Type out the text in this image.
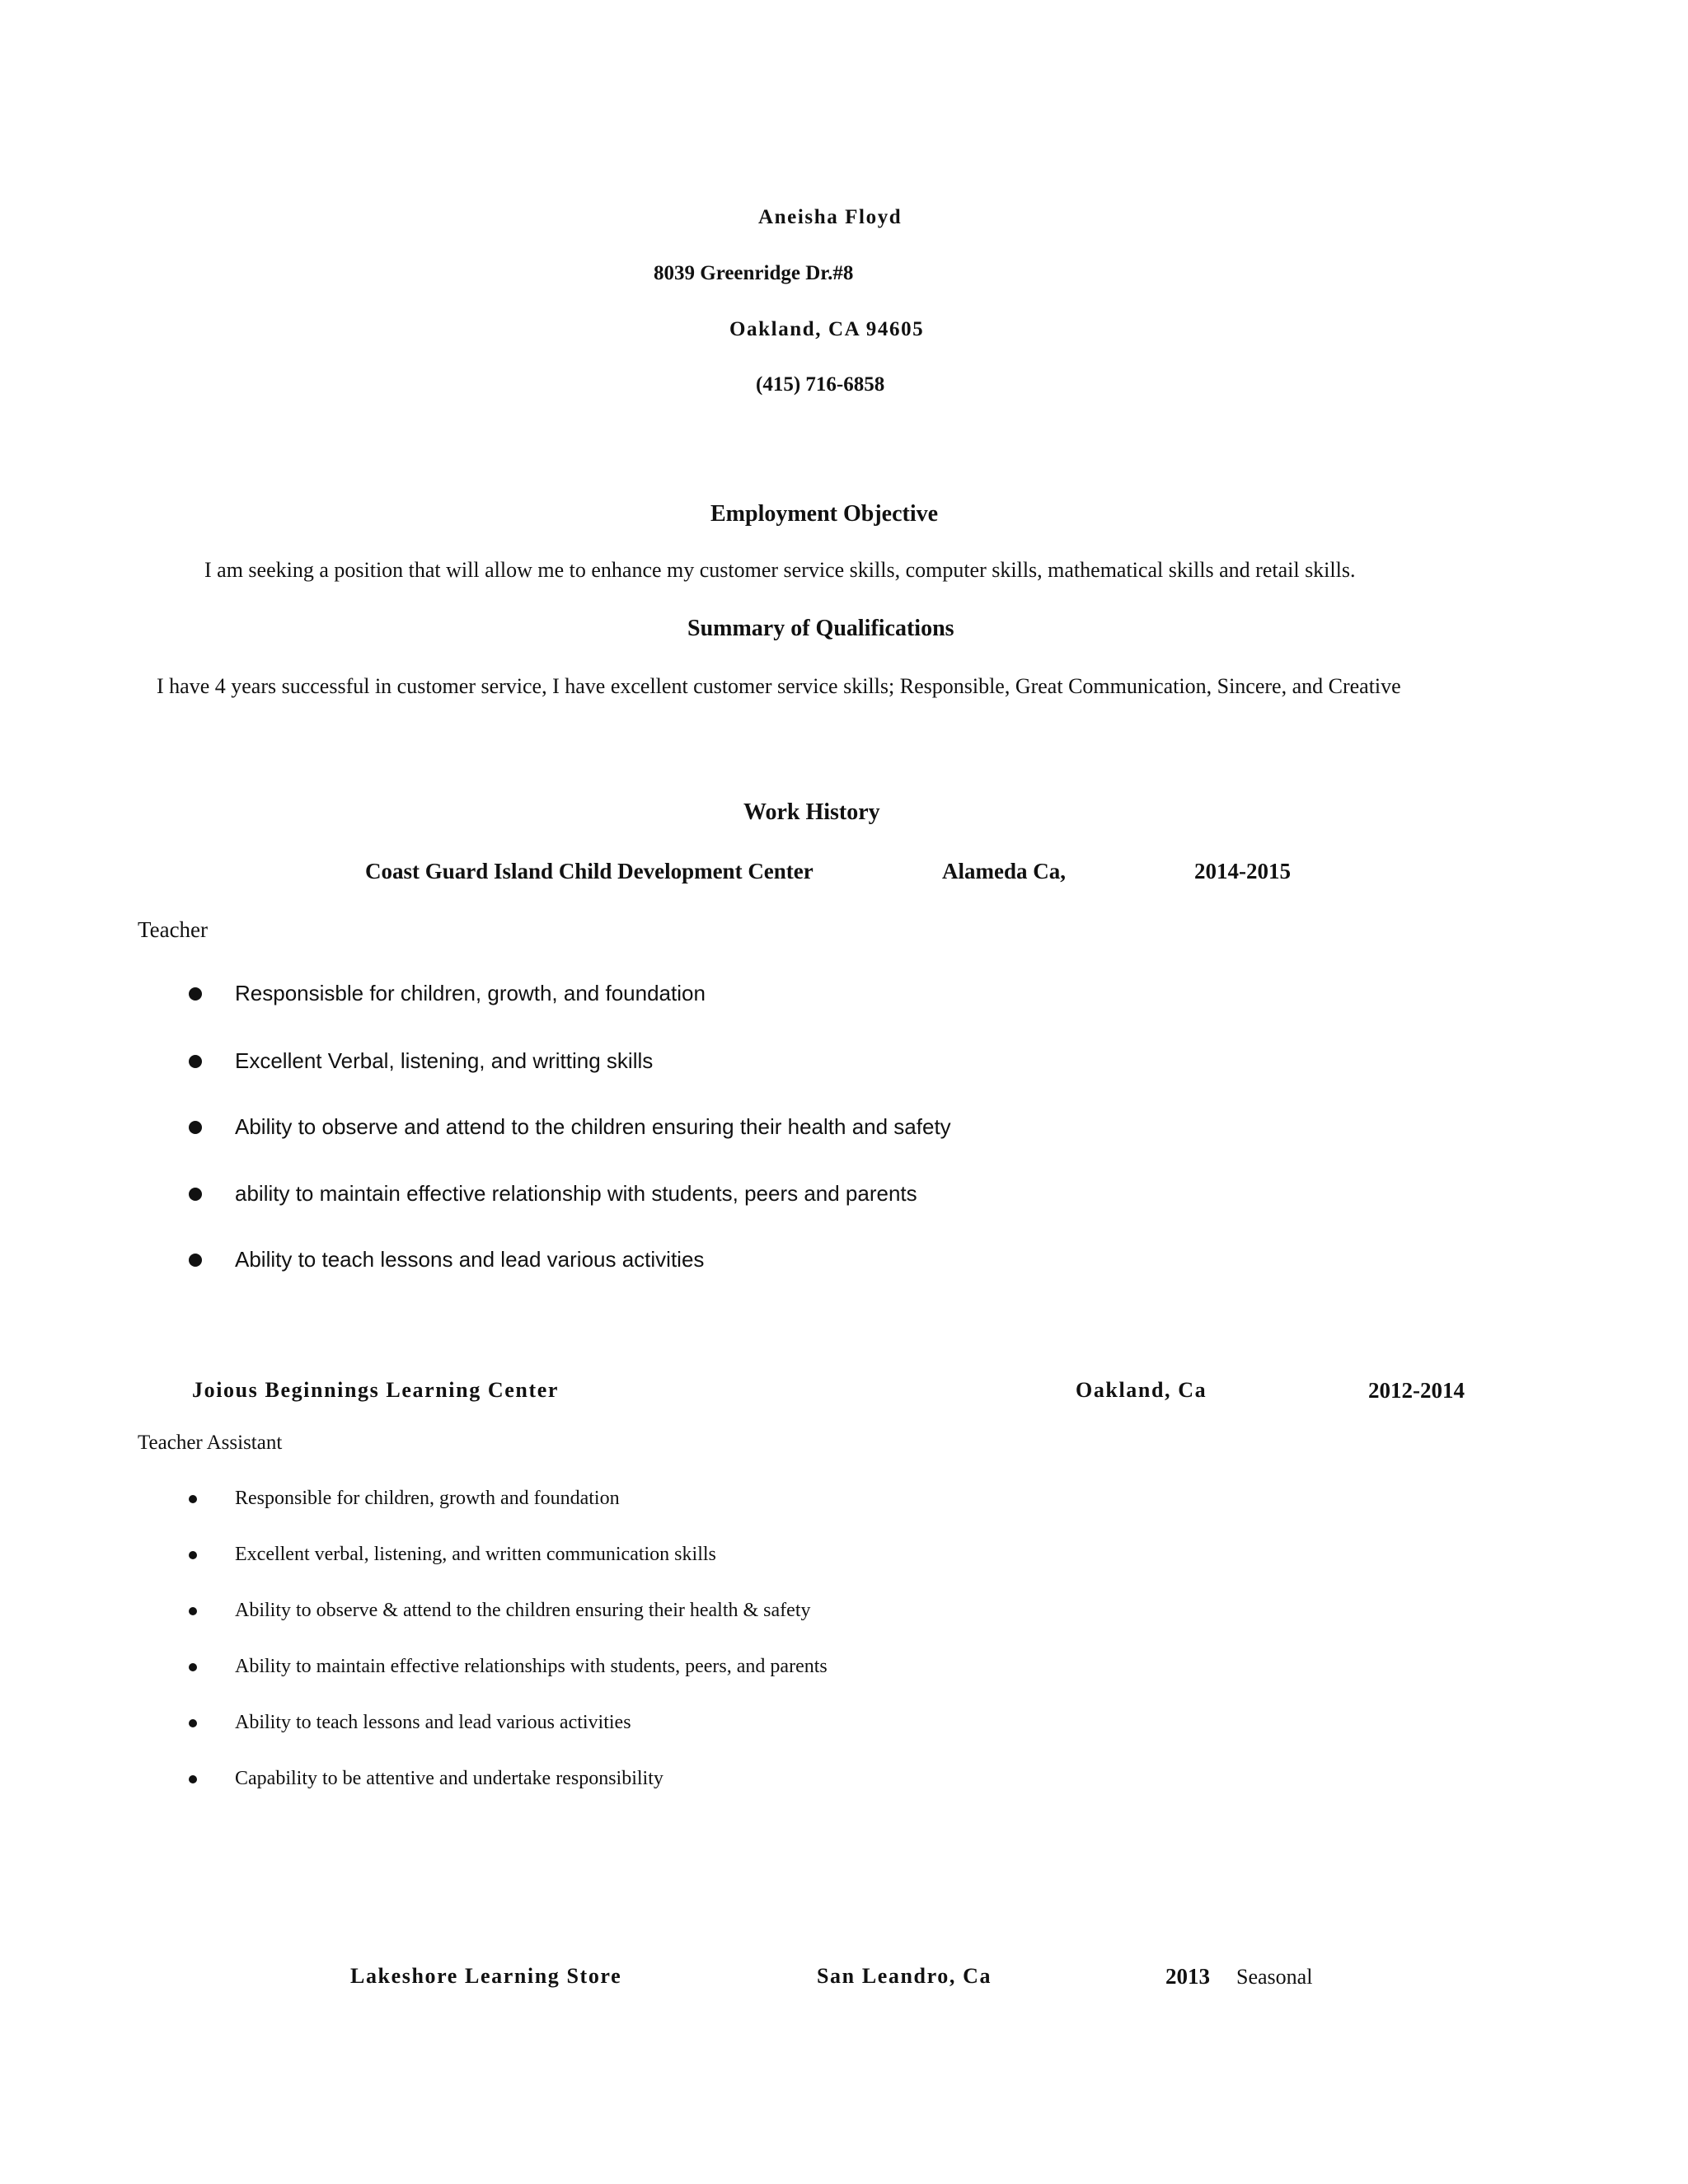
Aneisha Floyd
8039 Greenridge Dr.#8
Oakland, CA 94605
(415) 716-6858
Employment Objective
I am seeking a position that will allow me to enhance my customer service skills, computer skills, mathematical skills and retail skills.
Summary of Qualifications
I have 4 years successful in customer service, I have excellent customer service skills; Responsible, Great Communication, Sincere, and Creative
Work History
Coast Guard Island Child Development Center	Alameda Ca,	2014-2015
Teacher
Responsisble for children, growth, and foundation
Excellent Verbal, listening, and writting skills
Ability to observe and attend to the children ensuring their health and safety
ability to maintain effective relationship with students, peers and parents
Ability to teach lessons and lead various activities
Joious Beginnings Learning Center	Oakland, Ca	2012-2014
Teacher Assistant
Responsible for children, growth and foundation
Excellent verbal, listening, and written communication skills
Ability to observe & attend to the children ensuring their health & safety
Ability to maintain effective relationships with students, peers, and parents
Ability to teach lessons and lead various activities
Capability to be attentive and undertake responsibility
Lakeshore Learning Store	San Leandro, Ca	2013 Seasonal
